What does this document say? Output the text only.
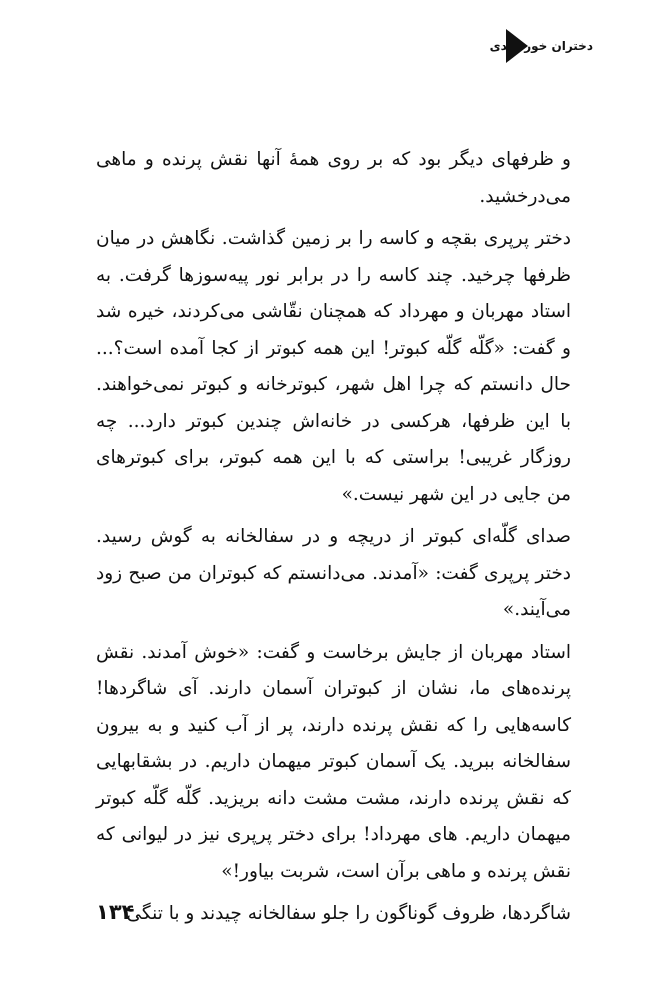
دختران خورشیدی

و ظرفهای دیگر بود که بر روی همهٔ آنها نقش پرنده و ماهی می‌درخشید.

دختر پرپری بقچه و کاسه را بر زمین گذاشت. نگاهش در میان ظرفها چرخید. چند کاسه را در برابر نور پیه‌سوزها گرفت. به استاد مهربان و مهرداد که همچنان نقّاشی می‌کردند، خیره شد و گفت: «گلّه گلّه کبوتر! این همه کبوتر از کجا آمده است؟... حال دانستم که چرا اهل شهر، کبوترخانه و کبوتر نمی‌خواهند. با این ظرفها، هرکسی در خانه‌اش چندین کبوتر دارد... چه روزگار غریبی! براستی که با این همه کبوتر، برای کبوترهای من جایی در این شهر نیست.»

صدای گلّه‌ای کبوتر از دریچه و در سفالخانه به گوش رسید. دختر پرپری گفت: «آمدند. می‌دانستم که کبوتران من صبح زود می‌آیند.»

استاد مهربان از جایش برخاست و گفت: «خوش آمدند. نقش پرنده‌های ما، نشان از کبوتران آسمان دارند. آی شاگردها! کاسه‌هایی را که نقش پرنده دارند، پر از آب کنید و به بیرون سفالخانه ببرید. یک آسمان کبوتر میهمان داریم. در بشقابهایی که نقش پرنده دارند، مشت مشت دانه بریزید. گلّه گلّه کبوتر میهمان داریم. های مهرداد! برای دختر پرپری نیز در لیوانی که نقش پرنده و ماهی برآن است، شربت بیاور!»

شاگردها، ظروف گوناگون را جلو سفالخانه چیدند و با تنگی

۱۳۴
